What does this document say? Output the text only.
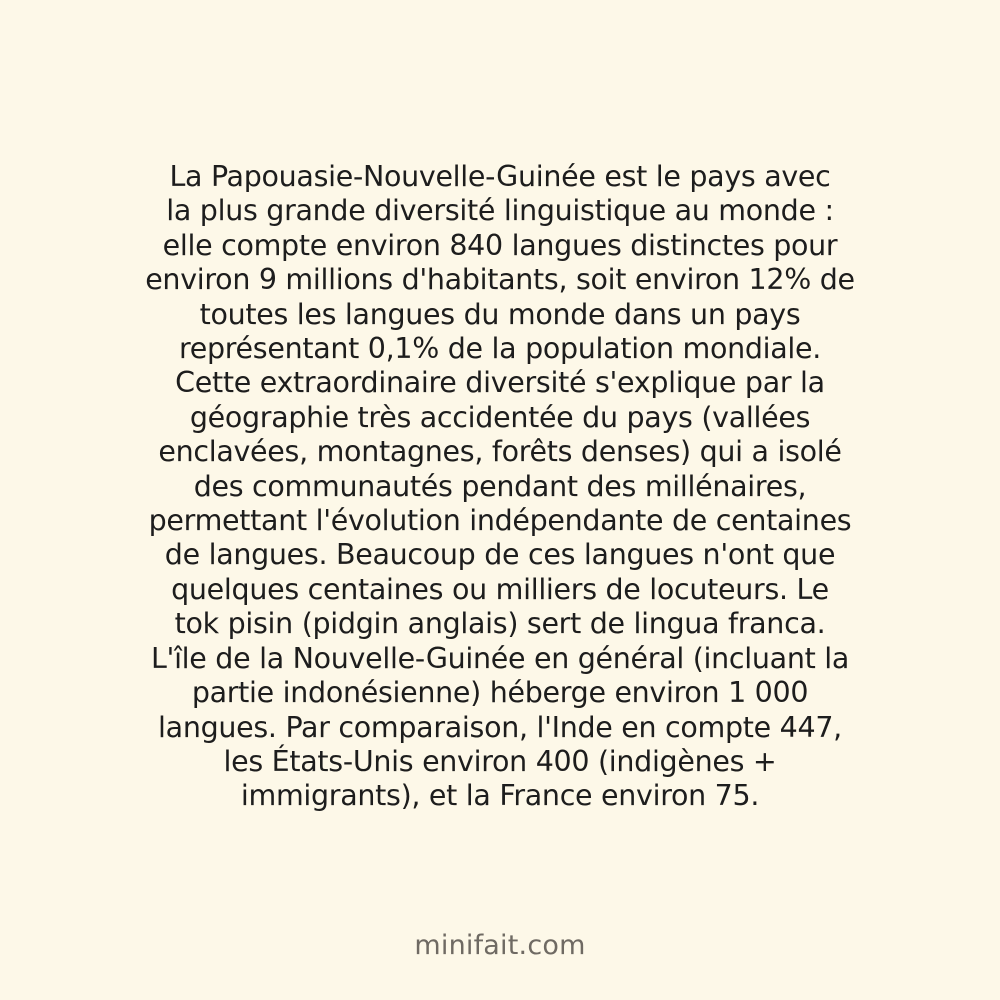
La Papouasie-Nouvelle-Guinée est le pays avec
la plus grande diversité linguistique au monde :
elle compte environ 840 langues distinctes pour
environ 9 millions d'habitants, soit environ 12% de
toutes les langues du monde dans un pays
représentant 0,1% de la population mondiale.
Cette extraordinaire diversité s'explique par la
géographie très accidentée du pays (vallées
enclavées, montagnes, forêts denses) qui a isolé
des communautés pendant des millénaires,
permettant l'évolution indépendante de centaines
de langues. Beaucoup de ces langues n'ont que
quelques centaines ou milliers de locuteurs. Le
tok pisin (pidgin anglais) sert de lingua franca.
L'île de la Nouvelle-Guinée en général (incluant la
partie indonésienne) héberge environ 1 000
langues. Par comparaison, l'Inde en compte 447,
les États-Unis environ 400 (indigènes +
immigrants), et la France environ 75.

minifait.com
